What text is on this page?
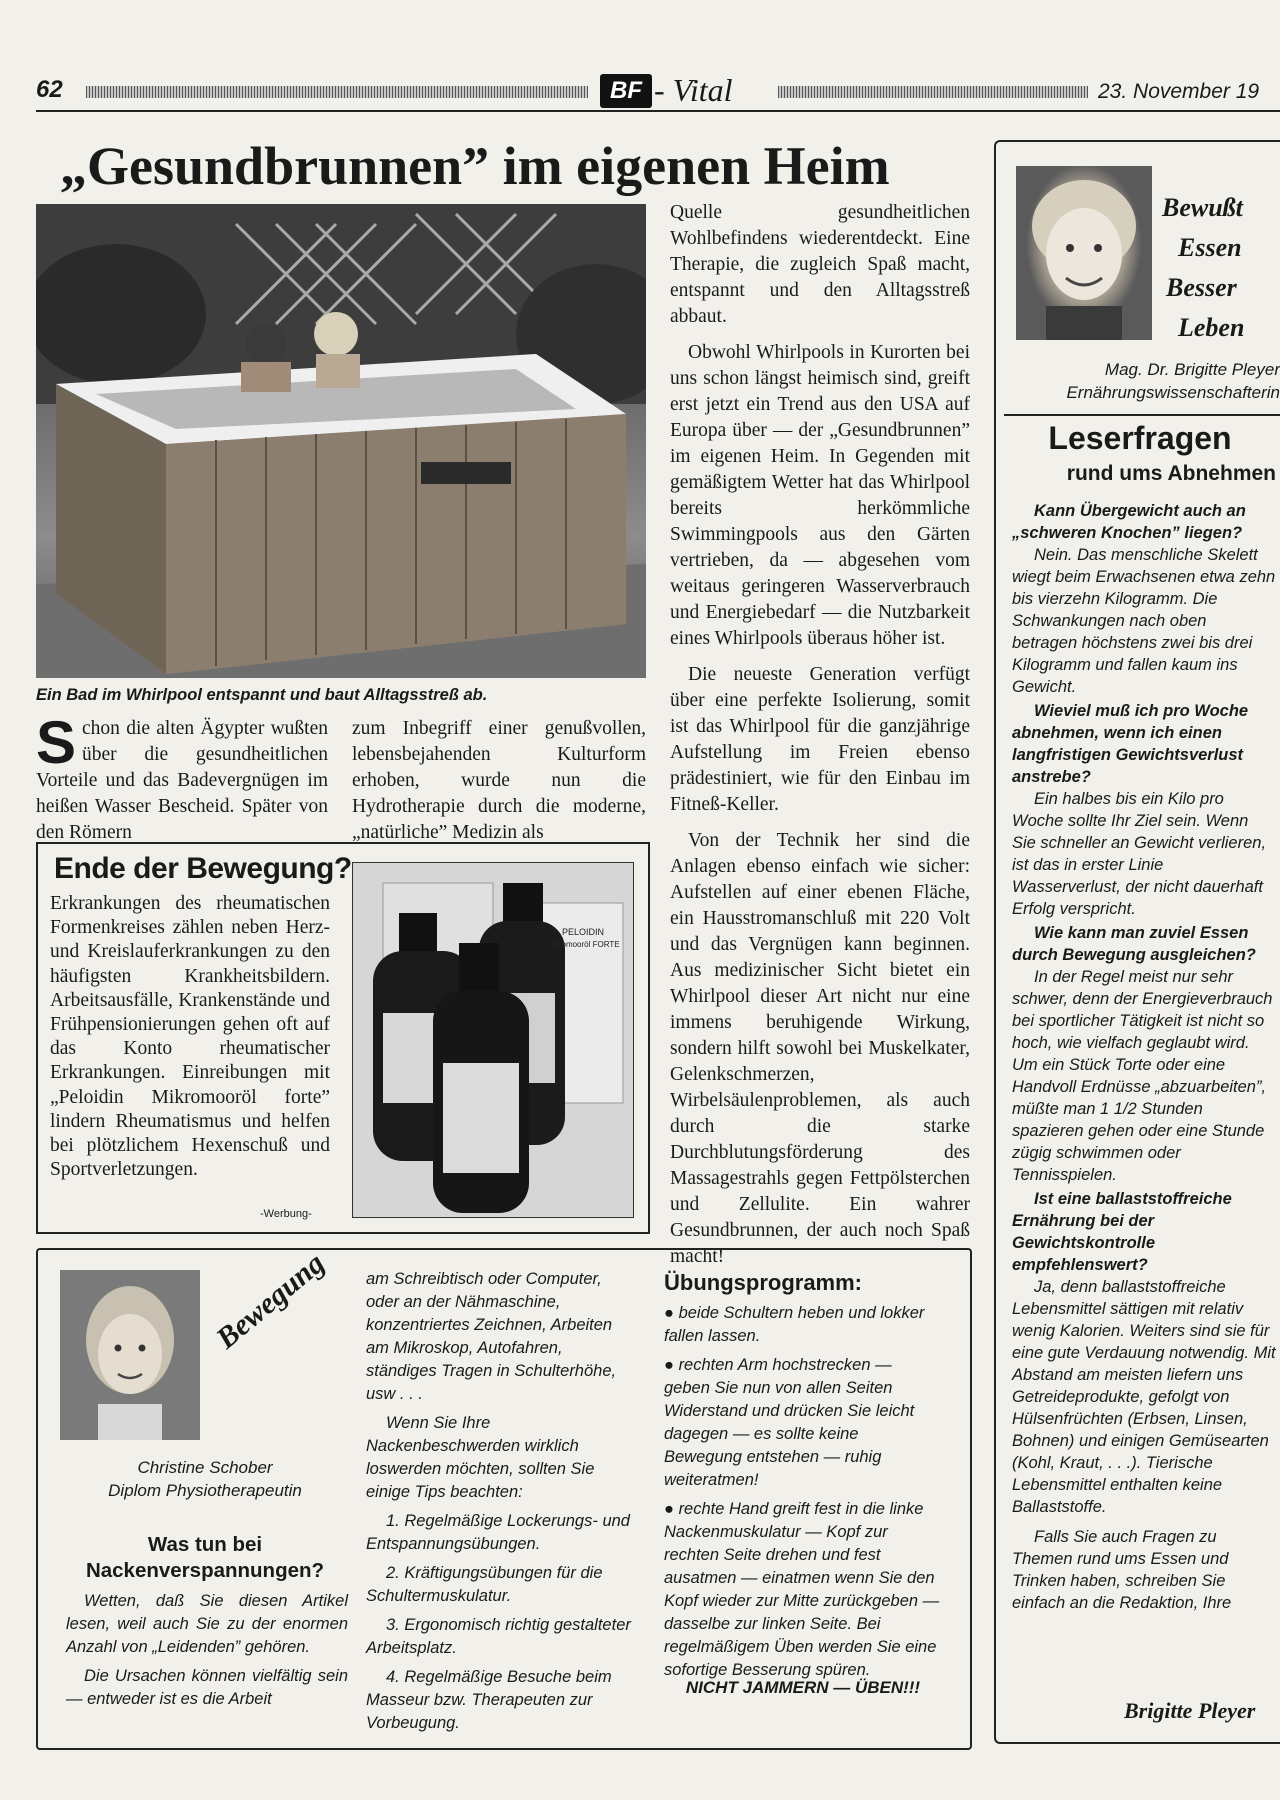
62	BF - Vital	23. November 19
„Gesundbrunnen” im eigenen Heim
Ein Bad im Whirlpool entspannt und baut Alltagsstreß ab.
Schon die alten Ägypter wußten über die gesundheitlichen Vorteile und das Badevergnügen im heißen Wasser Bescheid. Später von den Römern
zum Inbegriff einer genußvollen, lebensbejahenden Kulturform erhoben, wurde nun die Hydrotherapie durch die moderne, „natürliche” Medizin als

Quelle gesundheitlichen Wohlbefindens wiederentdeckt. Eine Therapie, die zugleich Spaß macht, entspannt und den Alltagsstreß abbaut.

Obwohl Whirlpools in Kurorten bei uns schon längst heimisch sind, greift erst jetzt ein Trend aus den USA auf Europa über — der „Gesundbrunnen” im eigenen Heim. In Gegenden mit gemäßigtem Wetter hat das Whirlpool bereits herkömmliche Swimmingpools aus den Gärten vertrieben, da — abgesehen vom weitaus geringeren Wasserverbrauch und Energiebedarf — die Nutzbarkeit eines Whirlpools überaus höher ist.

Die neueste Generation verfügt über eine perfekte Isolierung, somit ist das Whirlpool für die ganzjährige Aufstellung im Freien ebenso prädestiniert, wie für den Einbau im Fitneß-Keller.

Von der Technik her sind die Anlagen ebenso einfach wie sicher: Aufstellen auf einer ebenen Fläche, ein Hausstromanschluß mit 220 Volt und das Vergnügen kann beginnen. Aus medizinischer Sicht bietet ein Whirlpool dieser Art nicht nur eine immens beruhigende Wirkung, sondern hilft sowohl bei Muskelkater, Gelenkschmerzen, Wirbelsäulenproblemen, als auch durch die starke Durchblutungsförderung des Massagestrahls gegen Fettpölsterchen und Zellulite. Ein wahrer Gesundbrunnen, der auch noch Spaß macht!

Ende der Bewegung?
Erkrankungen des rheumatischen Formenkreises zählen neben Herz- und Kreislauferkrankungen zu den häufigsten Krankheitsbildern. Arbeitsausfälle, Krankenstände und Frühpensionierungen gehen oft auf das Konto rheumatischer Erkrankungen. Einreibungen mit „Peloidin Mikromooröl forte” lindern Rheumatismus und helfen bei plötzlichem Hexenschuß und Sportverletzungen.
-Werbung-
PELOIDIN
Mikromooröl FORTE
Bewußt
Essen
Besser
Leben
Mag. Dr. Brigitte Pleyer
Ernährungswissenschafterin
Leserfragen
rund ums Abnehmen
Kann Übergewicht auch an „schweren Knochen” liegen?
Nein. Das menschliche Skelett wiegt beim Erwachsenen etwa zehn bis vierzehn Kilogramm. Die Schwankungen nach oben betragen höchstens zwei bis drei Kilogramm und fallen kaum ins Gewicht.
Wieviel muß ich pro Woche abnehmen, wenn ich einen langfristigen Gewichtsverlust anstrebe?
Ein halbes bis ein Kilo pro Woche sollte Ihr Ziel sein. Wenn Sie schneller an Gewicht verlieren, ist das in erster Linie Wasserverlust, der nicht dauerhaft Erfolg verspricht.
Wie kann man zuviel Essen durch Bewegung ausgleichen?
In der Regel meist nur sehr schwer, denn der Energieverbrauch bei sportlicher Tätigkeit ist nicht so hoch, wie vielfach geglaubt wird. Um ein Stück Torte oder eine Handvoll Erdnüsse „abzuarbeiten”, müßte man 1 1/2 Stunden spazieren gehen oder eine Stunde zügig schwimmen oder Tennisspielen.
Ist eine ballaststoffreiche Ernährung bei der Gewichtskontrolle empfehlenswert?
Ja, denn ballaststoffreiche Lebensmittel sättigen mit relativ wenig Kalorien. Weiters sind sie für eine gute Verdauung notwendig. Mit Abstand am meisten liefern uns Getreideprodukte, gefolgt von Hülsenfrüchten (Erbsen, Linsen, Bohnen) und einigen Gemüsearten (Kohl, Kraut, . . .). Tierische Lebensmittel enthalten keine Ballaststoffe.
Falls Sie auch Fragen zu Themen rund ums Essen und Trinken haben, schreiben Sie einfach an die Redaktion, Ihre
Brigitte Pleyer
Bewegung
Christine Schober
Diplom Physiotherapeutin
Was tun bei Nackenverspannungen?

Wetten, daß Sie diesen Artikel lesen, weil auch Sie zu der enormen Anzahl von „Leidenden” gehören.

Die Ursachen können vielfältig sein — entweder ist es die Arbeit

am Schreibtisch oder Computer, oder an der Nähmaschine, konzentriertes Zeichnen, Arbeiten am Mikroskop, Autofahren, ständiges Tragen in Schulterhöhe, usw . . .

Wenn Sie Ihre Nackenbeschwerden wirklich loswerden möchten, sollten Sie einige Tips beachten:

1. Regelmäßige Lockerungs- und Entspannungsübungen.

2. Kräftigungsübungen für die Schultermuskulatur.

3. Ergonomisch richtig gestalteter Arbeitsplatz.

4. Regelmäßige Besuche beim Masseur bzw. Therapeuten zur Vorbeugung.

Übungsprogramm:

● beide Schultern heben und lokker fallen lassen.

● rechten Arm hochstrecken — geben Sie nun von allen Seiten Widerstand und drücken Sie leicht dagegen — es sollte keine Bewegung entstehen — ruhig weiteratmen!

● rechte Hand greift fest in die linke Nackenmuskulatur — Kopf zur rechten Seite drehen und fest ausatmen — einatmen wenn Sie den Kopf wieder zur Mitte zurückgeben — dasselbe zur linken Seite. Bei regelmäßigem Üben werden Sie eine sofortige Besserung spüren.

NICHT JAMMERN — ÜBEN!!!
